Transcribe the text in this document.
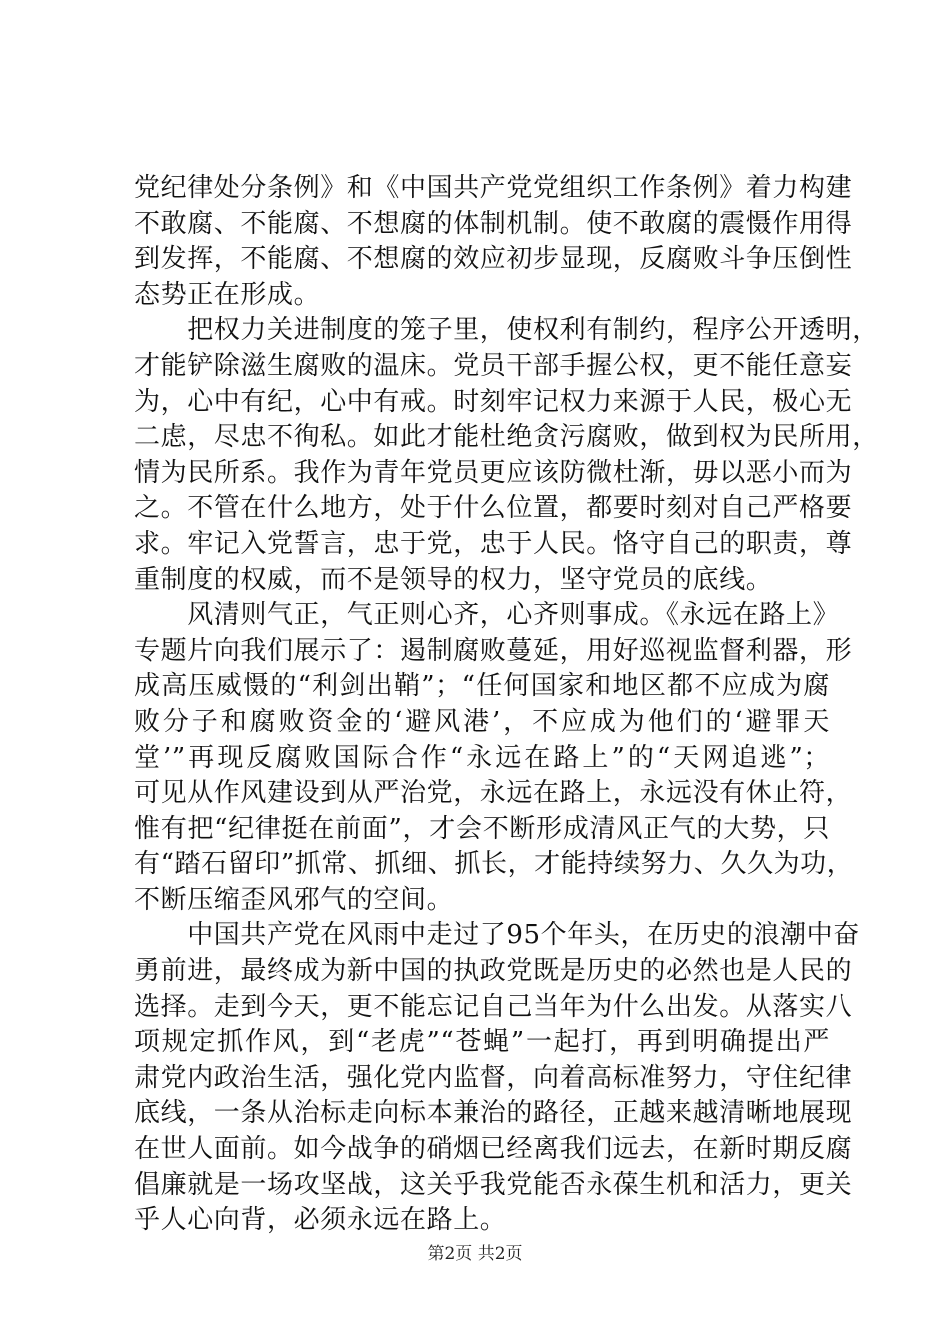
党纪律处分条例》和《中国共产党党组织工作条例》着力构建
不敢腐、不能腐、不想腐的体制机制。使不敢腐的震慑作用得
到发挥，不能腐、不想腐的效应初步显现，反腐败斗争压倒性
态势正在形成。
　　把权力关进制度的笼子里，使权利有制约，程序公开透明，
才能铲除滋生腐败的温床。党员干部手握公权，更不能任意妄
为，心中有纪，心中有戒。时刻牢记权力来源于人民，极心无
二虑，尽忠不徇私。如此才能杜绝贪污腐败，做到权为民所用，
情为民所系。我作为青年党员更应该防微杜渐，毋以恶小而为
之。不管在什么地方，处于什么位置，都要时刻对自己严格要
求。牢记入党誓言，忠于党，忠于人民。恪守自己的职责，尊
重制度的权威，而不是领导的权力，坚守党员的底线。
　　风清则气正，气正则心齐，心齐则事成。《永远在路上》
专题片向我们展示了：遏制腐败蔓延，用好巡视监督利器，形
成高压威慑的“利剑出鞘”；“任何国家和地区都不应成为腐
败分子和腐败资金的‘避风港’，不应成为他们的‘避罪天
堂’”再现反腐败国际合作“永远在路上”的“天网追逃”；
可见从作风建设到从严治党，永远在路上，永远没有休止符，
惟有把“纪律挺在前面”，才会不断形成清风正气的大势，只
有“踏石留印”抓常、抓细、抓长，才能持续努力、久久为功，
不断压缩歪风邪气的空间。
　　中国共产党在风雨中走过了95个年头，在历史的浪潮中奋
勇前进，最终成为新中国的执政党既是历史的必然也是人民的
选择。走到今天，更不能忘记自己当年为什么出发。从落实八
项规定抓作风，到“老虎”“苍蝇”一起打，再到明确提出严
肃党内政治生活，强化党内监督，向着高标准努力，守住纪律
底线，一条从治标走向标本兼治的路径，正越来越清晰地展现
在世人面前。如今战争的硝烟已经离我们远去，在新时期反腐
倡廉就是一场攻坚战，这关乎我党能否永葆生机和活力，更关
乎人心向背，必须永远在路上。
第2页 共2页
